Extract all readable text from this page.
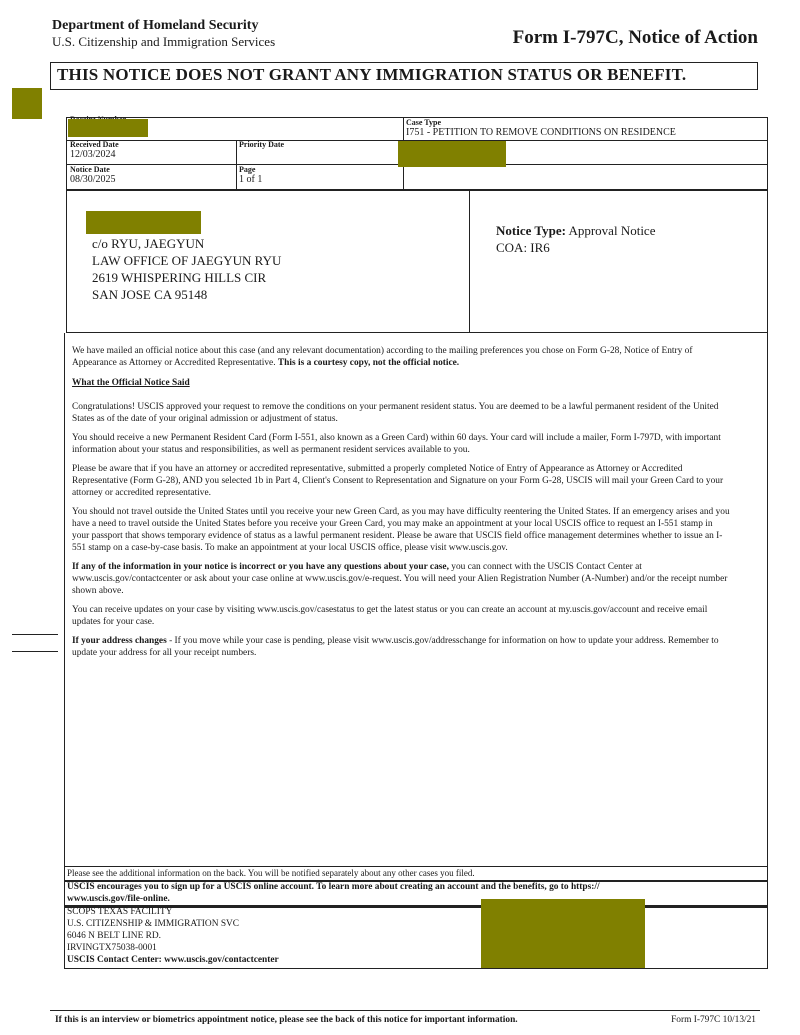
Department of Homeland Security
U.S. Citizenship and Immigration Services	Form I-797C, Notice of Action
THIS NOTICE DOES NOT GRANT ANY IMMIGRATION STATUS OR BENEFIT.
Case Type
I751 - PETITION TO REMOVE CONDITIONS ON RESIDENCE
Received Date
12/03/2024
Priority Date
Notice Date
08/30/2025
Page
1 of 1
c/o RYU, JAEGYUN
LAW OFFICE OF JAEGYUN RYU
2619 WHISPERING HILLS CIR
SAN JOSE CA 95148
Notice Type: Approval Notice
COA: IR6

We have mailed an official notice about this case (and any relevant documentation) according to the mailing preferences you chose on Form G-28, Notice of Entry of Appearance as Attorney or Accredited Representative. This is a courtesy copy, not the official notice.

What the Official Notice Said

Congratulations! USCIS approved your request to remove the conditions on your permanent resident status. You are deemed to be a lawful permanent resident of the United States as of the date of your original admission or adjustment of status.

You should receive a new Permanent Resident Card (Form I-551, also known as a Green Card) within 60 days. Your card will include a mailer, Form I-797D, with important information about your status and responsibilities, as well as permanent resident services available to you.

Please be aware that if you have an attorney or accredited representative, submitted a properly completed Notice of Entry of Appearance as Attorney or Accredited Representative (Form G-28), AND you selected 1b in Part 4, Client's Consent to Representation and Signature on your Form G-28, USCIS will mail your Green Card to your attorney or accredited representative.

You should not travel outside the United States until you receive your new Green Card, as you may have difficulty reentering the United States. If an emergency arises and you have a need to travel outside the United States before you receive your Green Card, you may make an appointment at your local USCIS office to request an I-551 stamp in your passport that shows temporary evidence of status as a lawful permanent resident. Please be aware that USCIS field office management determines whether to issue an I-551 stamp on a case-by-case basis. To make an appointment at your local USCIS office, please visit www.uscis.gov.

If any of the information in your notice is incorrect or you have any questions about your case, you can connect with the USCIS Contact Center at www.uscis.gov/contactcenter or ask about your case online at www.uscis.gov/e-request. You will need your Alien Registration Number (A-Number) and/or the receipt number shown above.

You can receive updates on your case by visiting www.uscis.gov/casestatus to get the latest status or you can create an account at my.uscis.gov/account and receive email updates for your case.

If your address changes - If you move while your case is pending, please visit www.uscis.gov/addresschange for information on how to update your address. Remember to update your address for all your receipt numbers.

Please see the additional information on the back. You will be notified separately about any other cases you filed.
USCIS encourages you to sign up for a USCIS online account. To learn more about creating an account and the benefits, go to https://
www.uscis.gov/file-online.
SCOPS TEXAS FACILITY
U.S. CITIZENSHIP & IMMIGRATION SVC
6046 N BELT LINE RD.
IRVINGTX75038-0001
USCIS Contact Center: www.uscis.gov/contactcenter
If this is an interview or biometrics appointment notice, please see the back of this notice for important information.	Form I-797C 10/13/21
